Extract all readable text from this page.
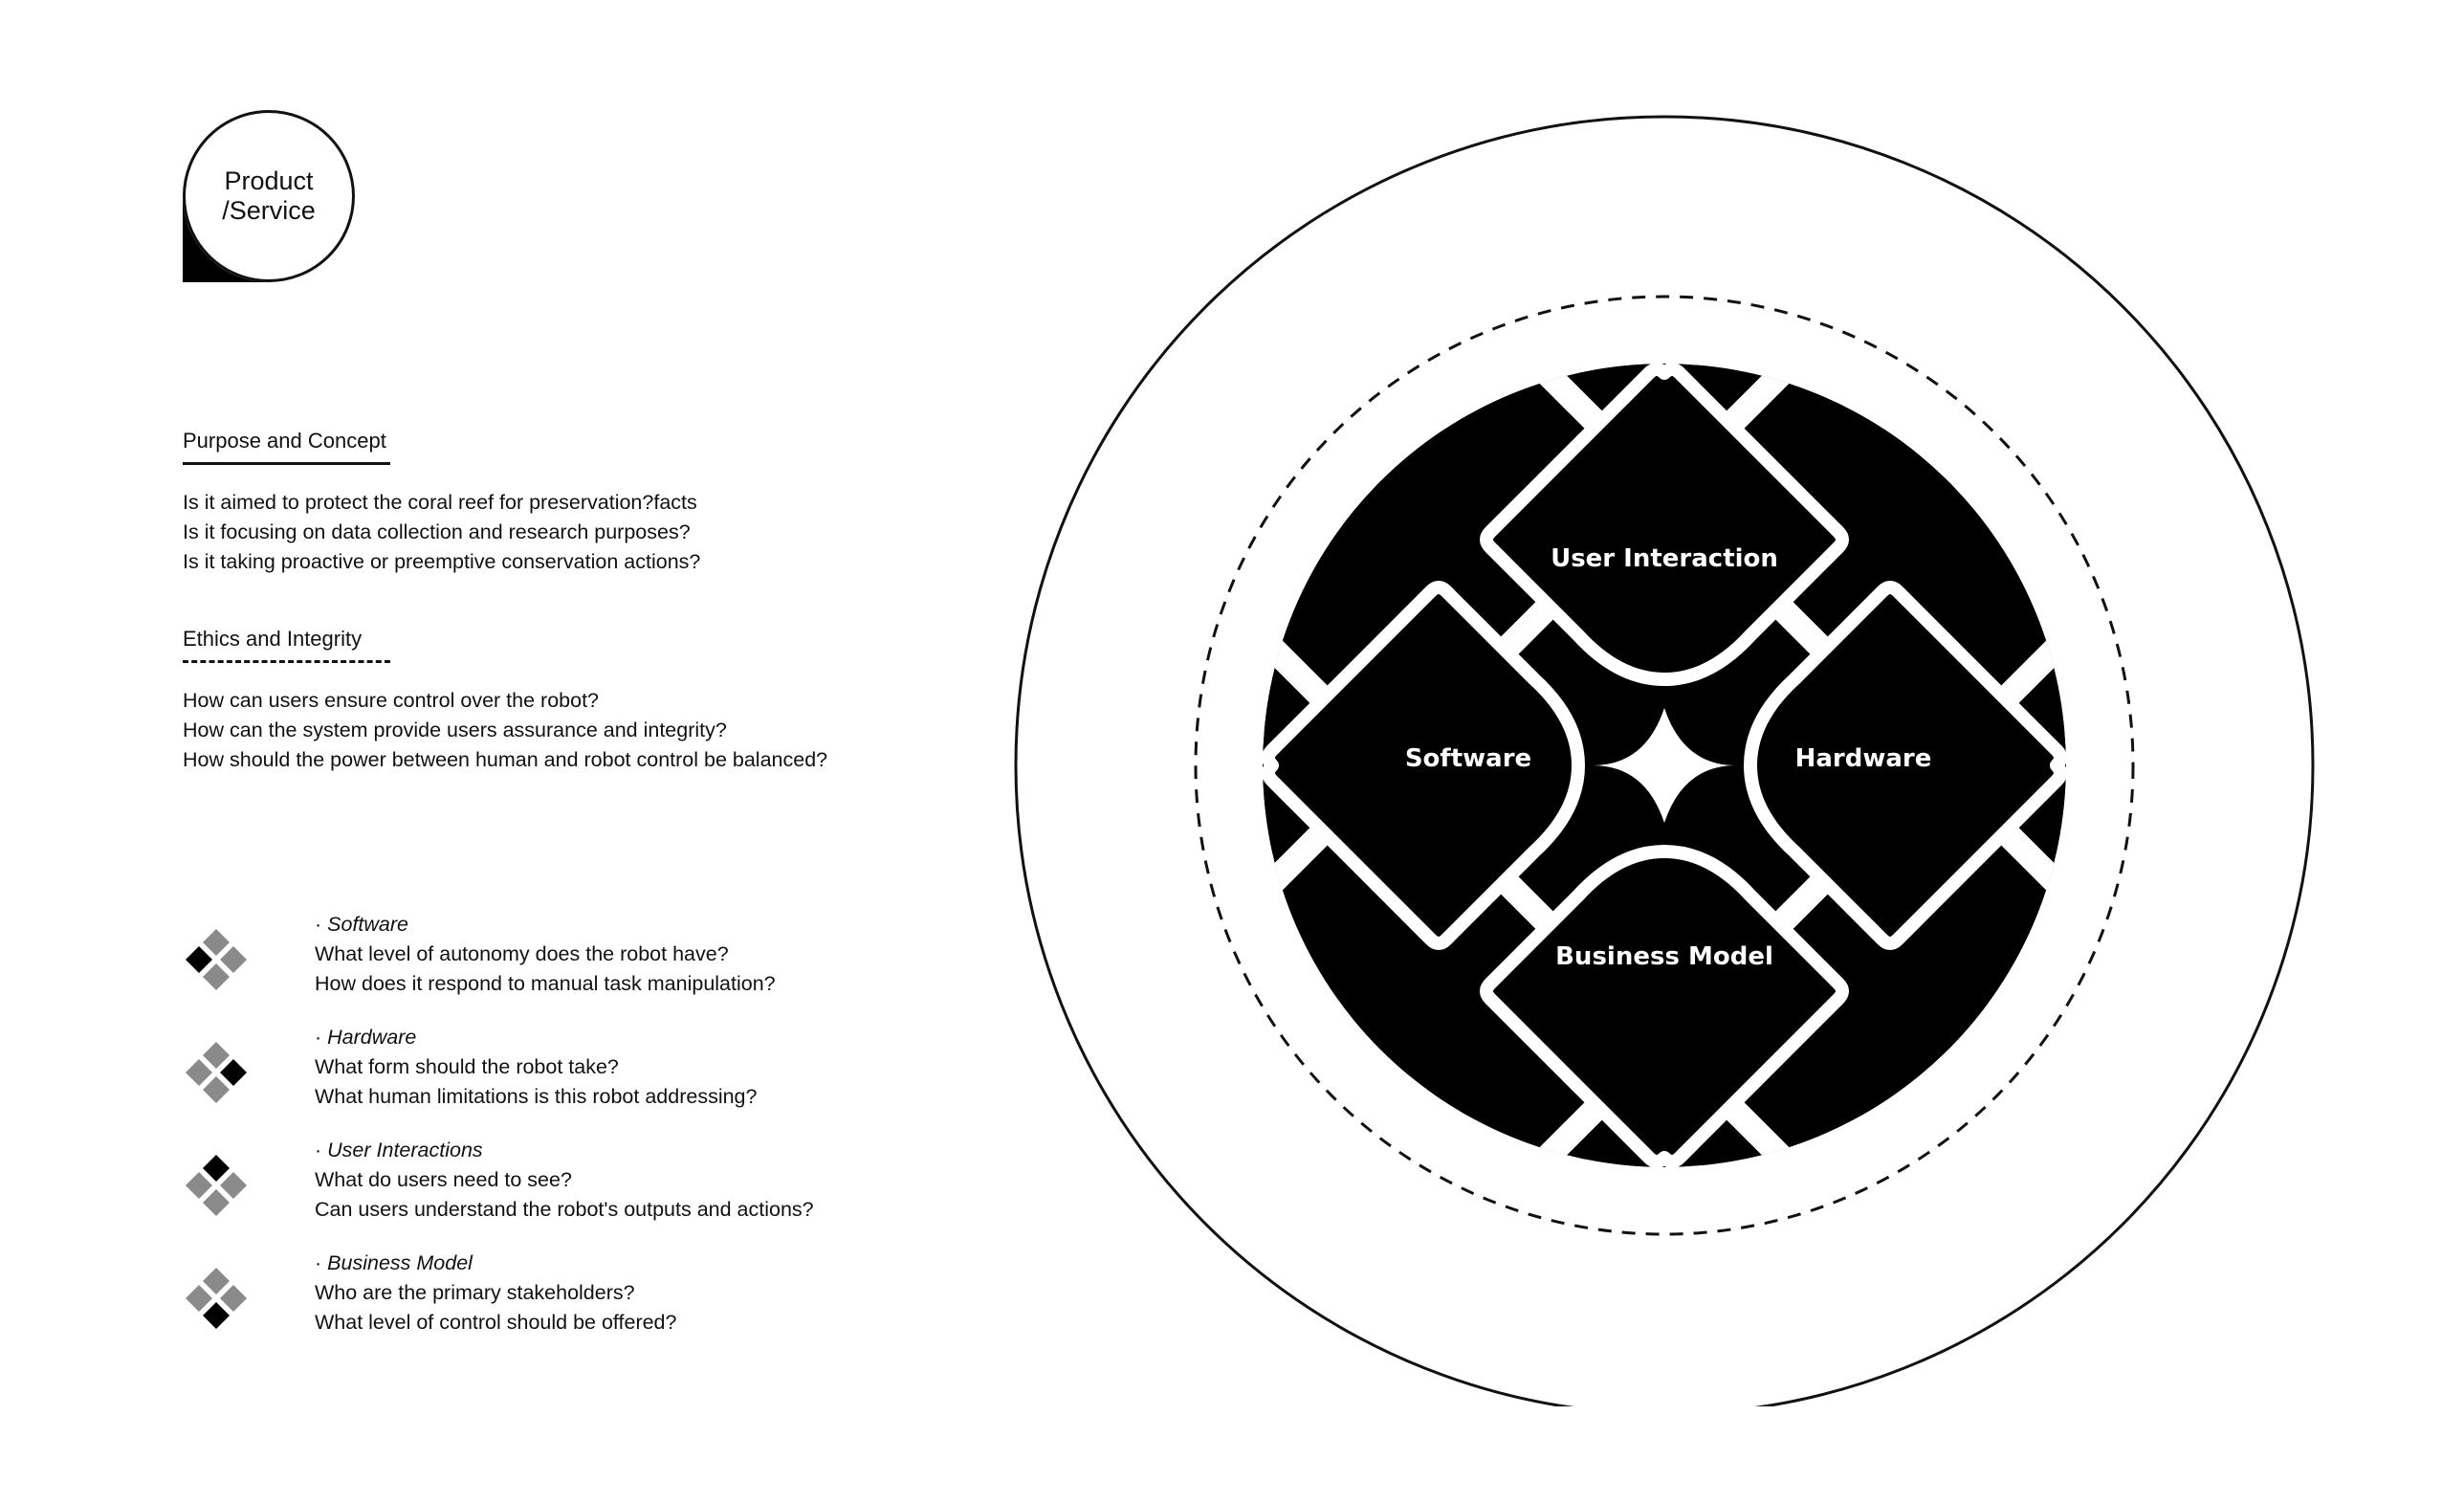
Product
/Service
Purpose and Concept
Is it aimed to protect the coral reef for preservation?facts
Is it focusing on data collection and research purposes?
Is it taking proactive or preemptive conservation actions?
Ethics and Integrity
How can users ensure control over the robot?
How can the system provide users assurance and integrity?
How should the power between human and robot control be balanced?
· Software
What level of autonomy does the robot have?
How does it respond to manual task manipulation?
· Hardware
What form should the robot take?
What human limitations is this robot addressing?
· User Interactions
What do users need to see?
Can users understand the robot's outputs and actions?
· Business Model
Who are the primary stakeholders?
What level of control should be offered?
User Interaction
Software	Hardware
Business Model
